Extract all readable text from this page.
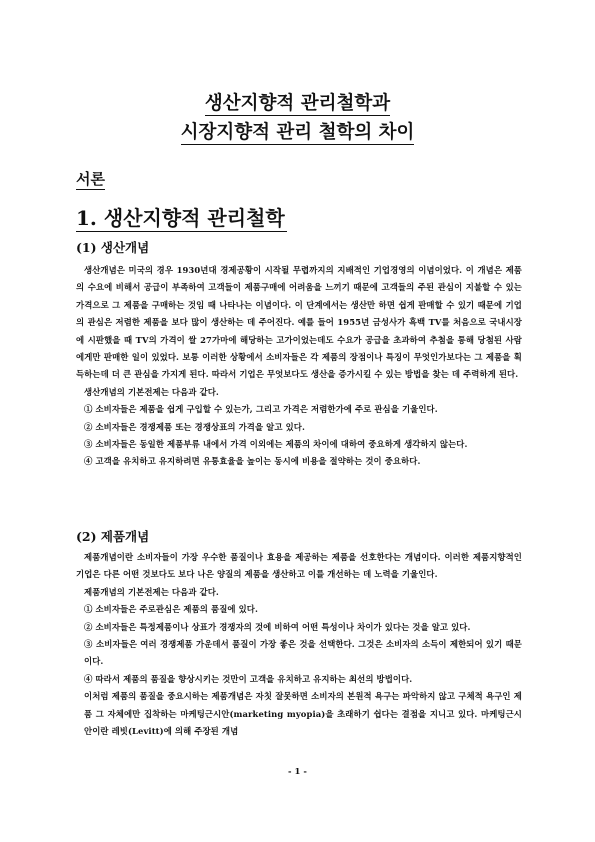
생산지향적 관리철학과
시장지향적 관리 철학의 차이
서론
1. 생산지향적 관리철학
(1) 생산개념
생산개념은 미국의 경우 1930년대 경제공황이 시작될 무렵까지의 지배적인 기업경영의 이념이었다. 이 개념은 제품의 수요에 비해서 공급이 부족하여 고객들이 제품구매에 어려움을 느끼기 때문에 고객들의 주된 관심이 지불할 수 있는 가격으로 그 제품을 구매하는 것임 때 나타나는 이념이다. 이 단계에서는 생산만 하면 쉽게 판매할 수 있기 때문에 기업의 관심은 저렴한 제품을 보다 많이 생산하는 데 주어진다. 예를 들어 1955년 금성사가 흑백 TV를 처음으로 국내시장에 시판했을 때 TV의 가격이 쌀 27가마에 해당하는 고가이었는데도 수요가 공급을 초과하여 추첨을 통해 당첨된 사람에게만 판매한 일이 있었다. 보통 이러한 상황에서 소비자들은 각 제품의 장점이나 특징이 무엇인가보다는 그 제품을 획득하는데 더 큰 관심을 가지게 된다. 따라서 기업은 무엇보다도 생산을 증가시킬 수 있는 방법을 찾는 데 주력하게 된다.
생산개념의 기본전제는 다음과 같다.
① 소비자들은 제품을 쉽게 구입할 수 있는가, 그리고 가격은 저렴한가에 주로 관심을 기울인다.
② 소비자들은 경쟁제품 또는 경쟁상표의 가격을 알고 있다.
③ 소비자들은 동일한 제품부류 내에서 가격 이외에는 제품의 차이에 대하여 중요하게 생각하지 않는다.
④ 고객을 유치하고 유지하려면 유통효율을 높이는 동시에 비용을 절약하는 것이 중요하다.
(2) 제품개념
제품개념이란 소비자들이 가장 우수한 품질이나 효용을 제공하는 제품을 선호한다는 개념이다. 이러한 제품지향적인 기업은 다른 어떤 것보다도 보다 나은 양질의 제품을 생산하고 이를 개선하는 데 노력을 기울인다.
제품개념의 기본전제는 다음과 같다.
① 소비자들은 주로관심은 제품의 품질에 있다.
② 소비자들은 특정제품이나 상표가 경쟁자의 것에 비하여 어떤 특성이나 차이가 있다는 것을 알고 있다.
③ 소비자들은 여러 경쟁제품 가운데서 품질이 가장 좋은 것을 선택한다. 그것은 소비자의 소득이 제한되어 있기 때문이다.
④ 따라서 제품의 품질을 향상시키는 것만이 고객을 유치하고 유지하는 최선의 방법이다.
이처럼 제품의 품질을 중요시하는 제품개념은 자칫 잘못하면 소비자의 본원적 욕구는 파악하지 않고 구체적 욕구인 제품 그 자체에만 집착하는 마케팅근시안(marketing myopia)을 초래하기 쉽다는 결점을 지니고 있다. 마케팅근시안이란 레빗(Levitt)에 의해 주장된 개념
- 1 -
